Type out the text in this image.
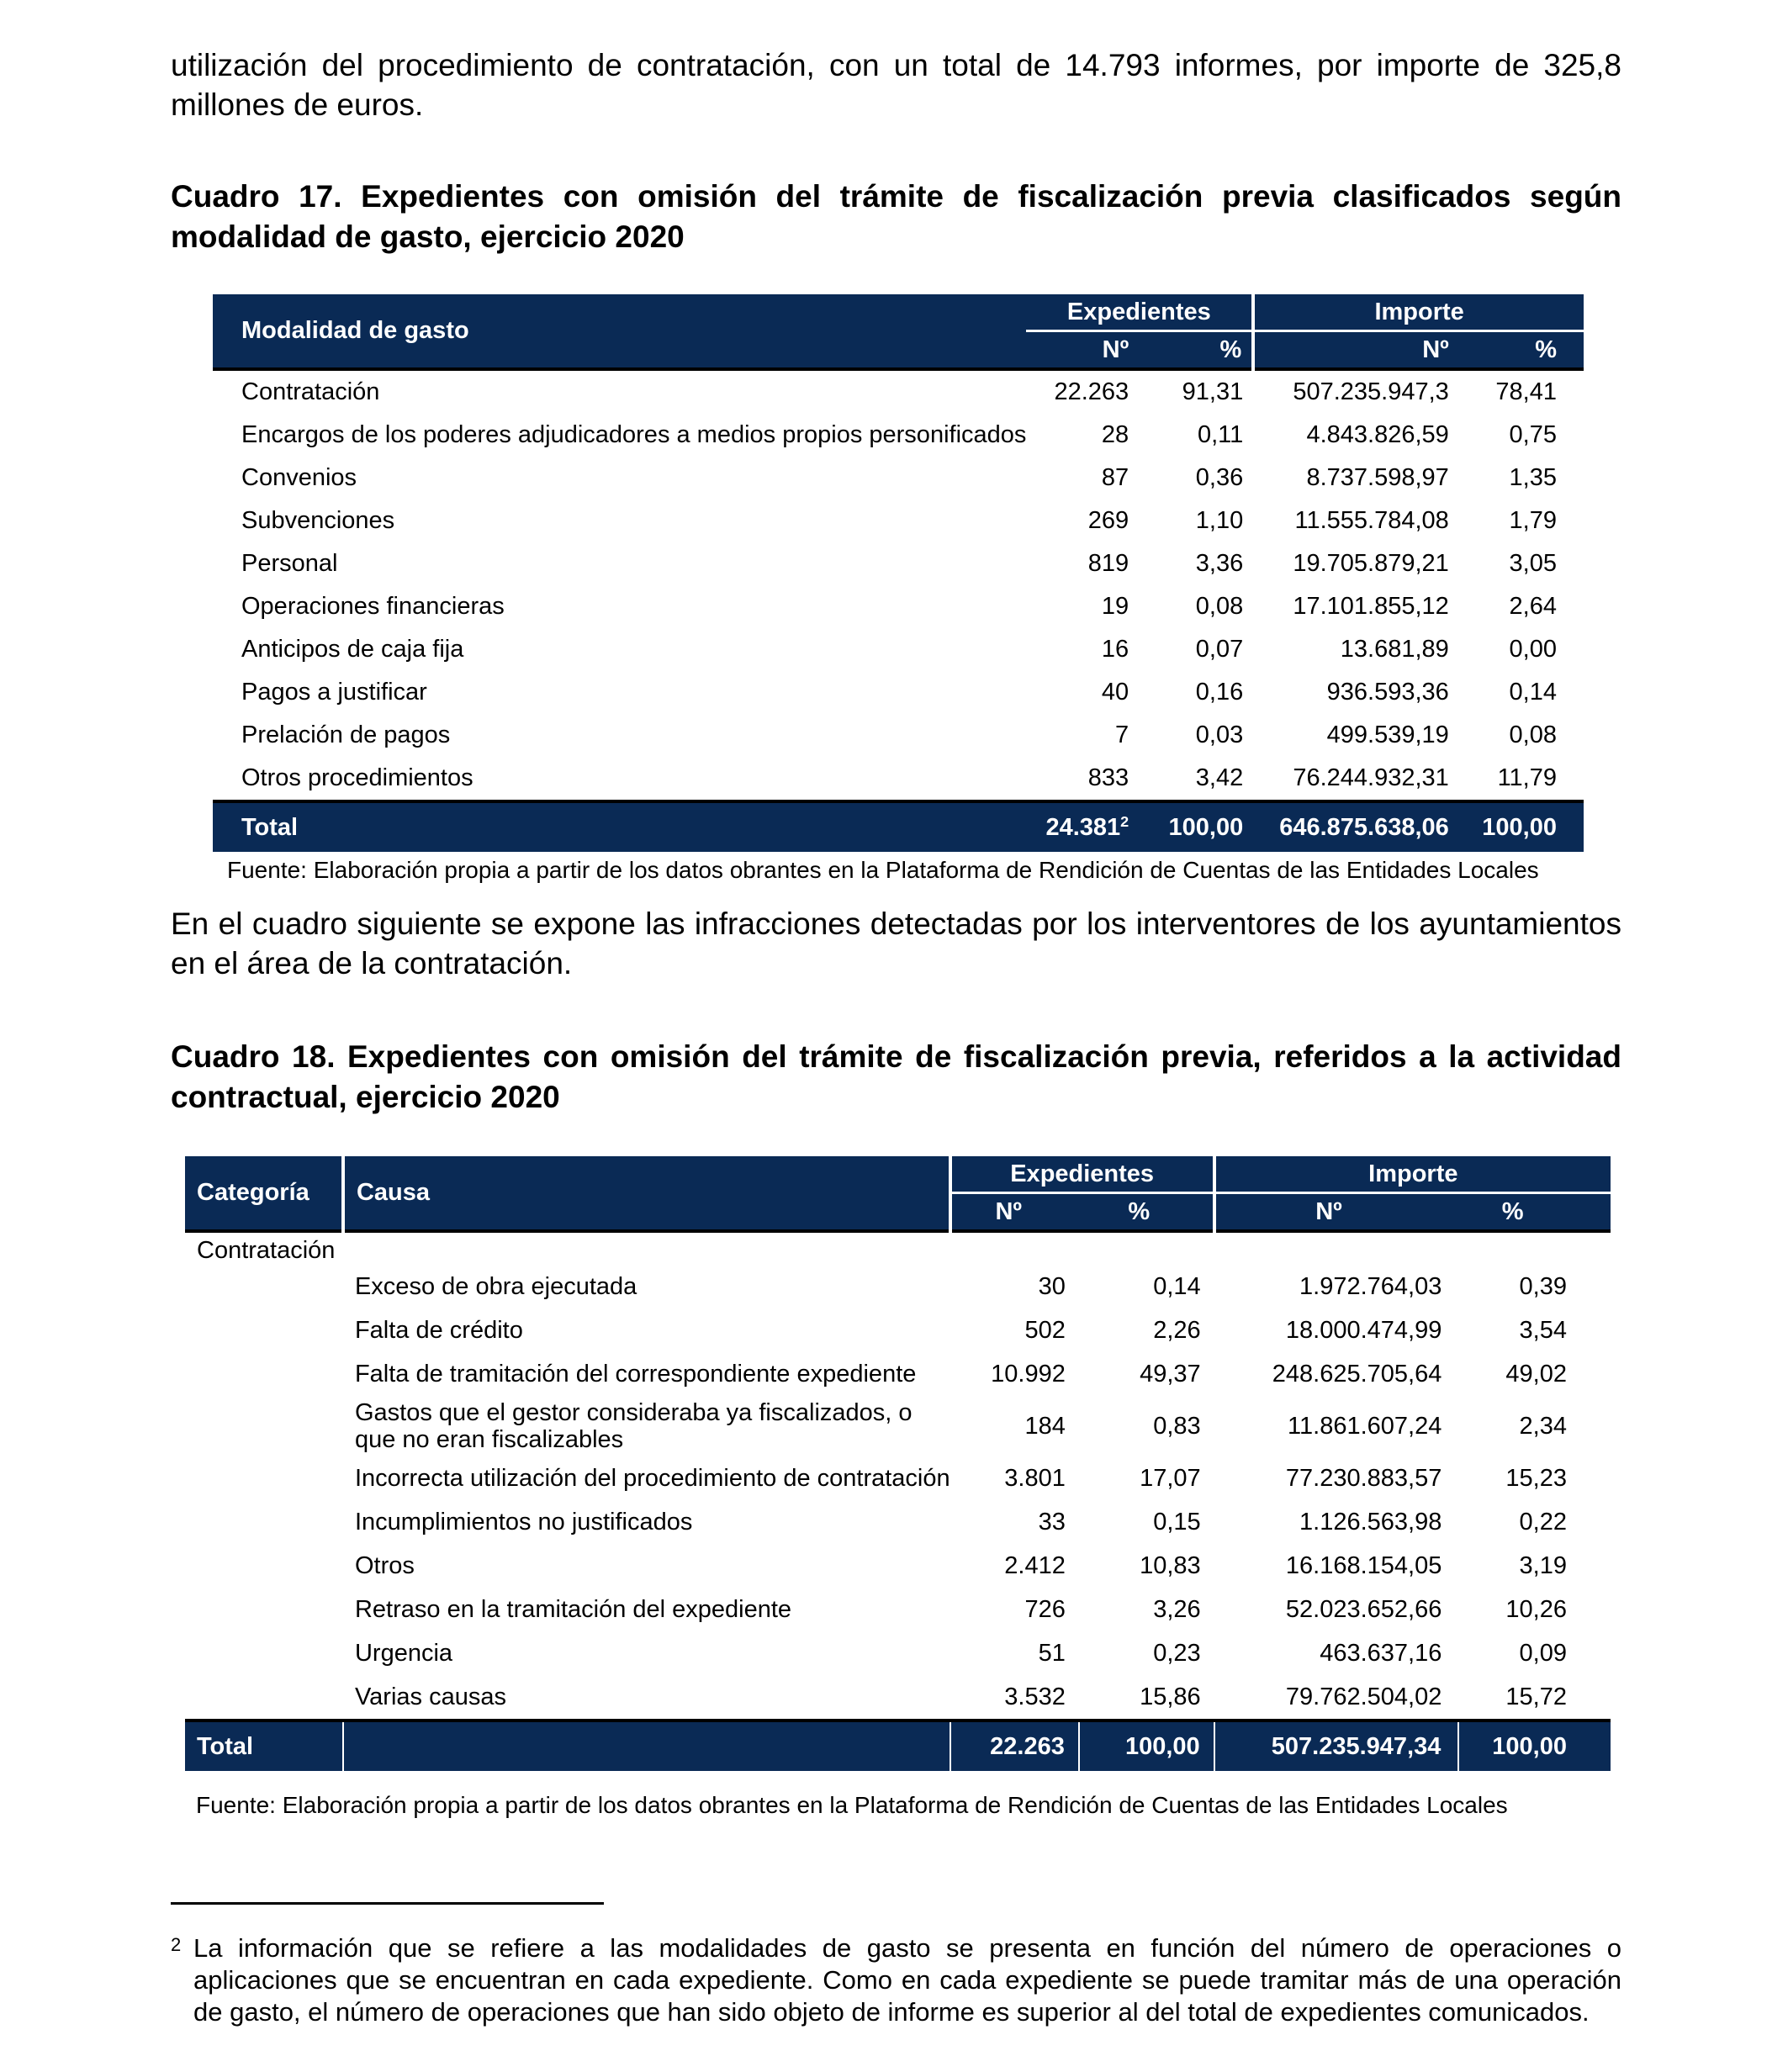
utilización del procedimiento de contratación, con un total de 14.793 informes, por importe de 325,8 millones de euros.

Cuadro 17. Expedientes con omisión del trámite de fiscalización previa clasificados según modalidad de gasto, ejercicio 2020

Modalidad de gasto	Expedientes		Importe	
	Nº	%	Nº	%
Contratación	22.263	91,31	507.235.947,3	78,41
Encargos de los poderes adjudicadores a medios propios personificados	28	0,11	4.843.826,59	0,75
Convenios	87	0,36	8.737.598,97	1,35
Subvenciones	269	1,10	11.555.784,08	1,79
Personal	819	3,36	19.705.879,21	3,05
Operaciones financieras	19	0,08	17.101.855,12	2,64
Anticipos de caja fija	16	0,07	13.681,89	0,00
Pagos a justificar	40	0,16	936.593,36	0,14
Prelación de pagos	7	0,03	499.539,19	0,08
Otros procedimientos	833	3,42	76.244.932,31	11,79
Total	24.381$^2$	100,00	646.875.638,06	100,00
Fuente: Elaboración propia a partir de los datos obrantes en la Plataforma de Rendición de Cuentas de las Entidades Locales

En el cuadro siguiente se expone las infracciones detectadas por los interventores de los ayuntamientos en el área de la contratación.

Cuadro 18. Expedientes con omisión del trámite de fiscalización previa, referidos a la actividad contractual, ejercicio 2020

Categoría	Causa	Expedientes		Importe	
		Nº	%	Nº	%
Contratación					
	Exceso de obra ejecutada	30	0,14	1.972.764,03	0,39
	Falta de crédito	502	2,26	18.000.474,99	3,54
	Falta de tramitación del correspondiente expediente	10.992	49,37	248.625.705,64	49,02
	Gastos que el gestor consideraba ya fiscalizados, o que no eran fiscalizables	184	0,83	11.861.607,24	2,34
	Incorrecta utilización del procedimiento de contratación	3.801	17,07	77.230.883,57	15,23
	Incumplimientos no justificados	33	0,15	1.126.563,98	0,22
	Otros	2.412	10,83	16.168.154,05	3,19
	Retraso en la tramitación del expediente	726	3,26	52.023.652,66	10,26
	Urgencia	51	0,23	463.637,16	0,09
	Varias causas	3.532	15,86	79.762.504,02	15,72
Total		22.263	100,00	507.235.947,34	100,00
Fuente: Elaboración propia a partir de los datos obrantes en la Plataforma de Rendición de Cuentas de las Entidades Locales
2 La información que se refiere a las modalidades de gasto se presenta en función del número de operaciones o aplicaciones que se encuentran en cada expediente. Como en cada expediente se puede tramitar más de una operación de gasto, el número de operaciones que han sido objeto de informe es superior al del total de expedientes comunicados.
